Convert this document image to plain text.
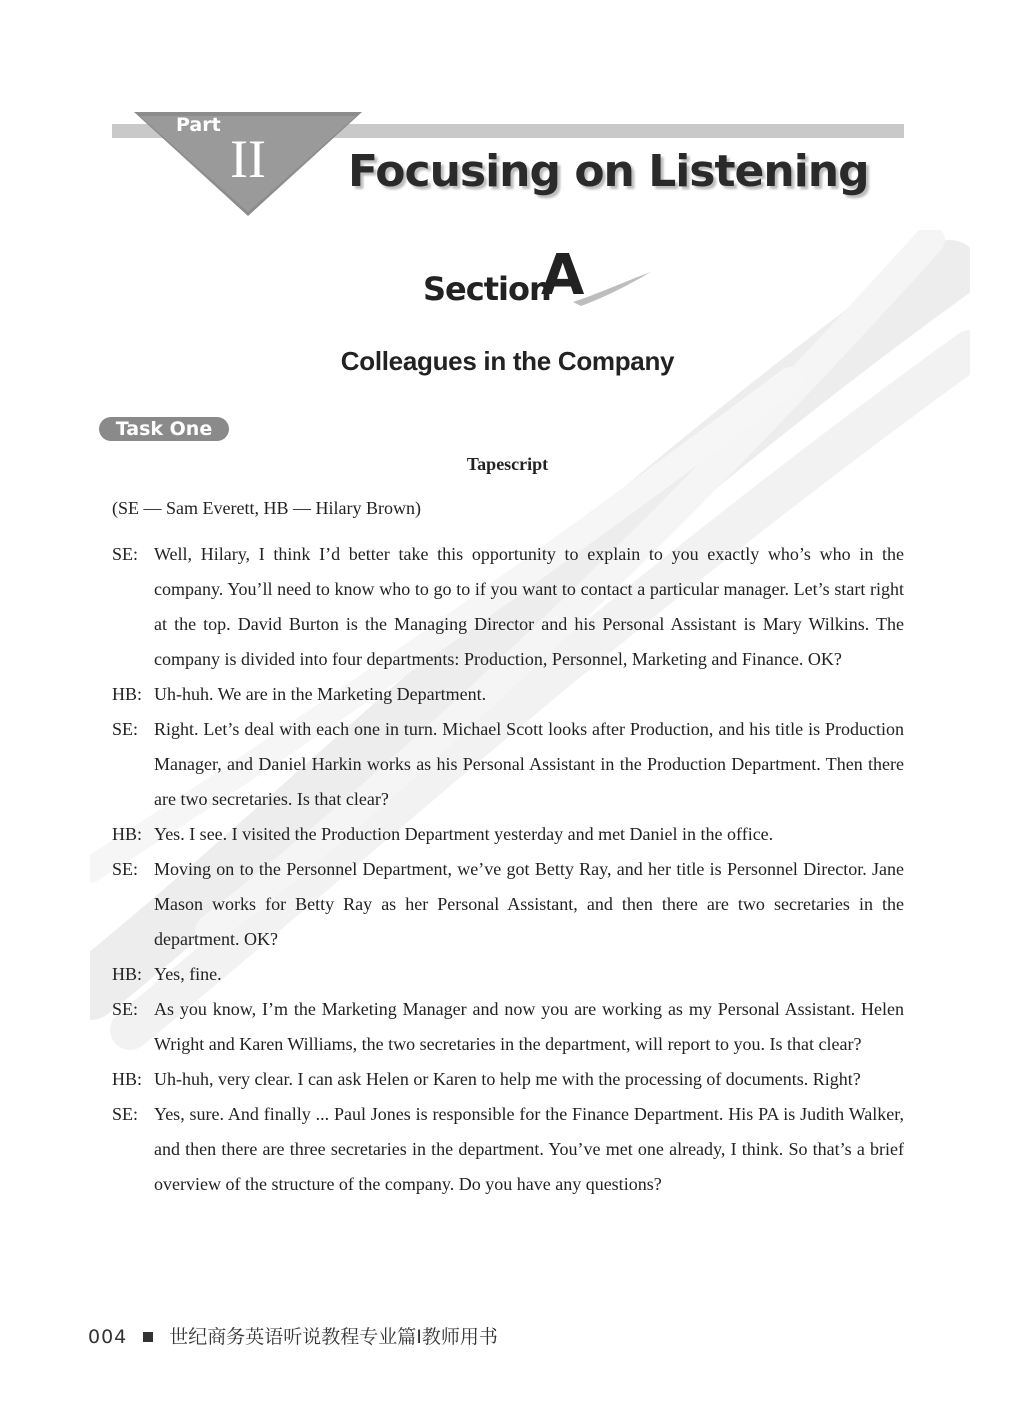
Part
II Focusing on Listening
Section
A
Colleagues in the Company
Task One
Tapescript
(SE — Sam Everett, HB — Hilary Brown)
SE: Well, Hilary, I think I’d better take this opportunity to explain to you exactly who’s who in the company. You’ll need to know who to go to if you want to contact a particular manager. Let’s start right at the top. David Burton is the Managing Director and his Personal Assistant is Mary Wilkins. The company is divided into four departments: Production, Personnel, Marketing and Finance. OK?
HB: Uh-huh. We are in the Marketing Department.
SE: Right. Let’s deal with each one in turn. Michael Scott looks after Production, and his title is Production Manager, and Daniel Harkin works as his Personal Assistant in the Production Department. Then there are two secretaries. Is that clear?
HB: Yes. I see. I visited the Production Department yesterday and met Daniel in the office.
SE: Moving on to the Personnel Department, we’ve got Betty Ray, and her title is Personnel Director. Jane Mason works for Betty Ray as her Personal Assistant, and then there are two secretaries in the department. OK?
HB: Yes, fine.
SE: As you know, I’m the Marketing Manager and now you are working as my Personal Assistant. Helen Wright and Karen Williams, the two secretaries in the department, will report to you. Is that clear?
HB: Uh-huh, very clear. I can ask Helen or Karen to help me with the processing of documents. Right?
SE: Yes, sure. And finally ... Paul Jones is responsible for the Finance Department. His PA is Judith Walker, and then there are three secretaries in the department. You’ve met one already, I think. So that’s a brief overview of the structure of the company. Do you have any questions?
004 世纪商务英语听说教程专业篇Ⅰ教师用书
